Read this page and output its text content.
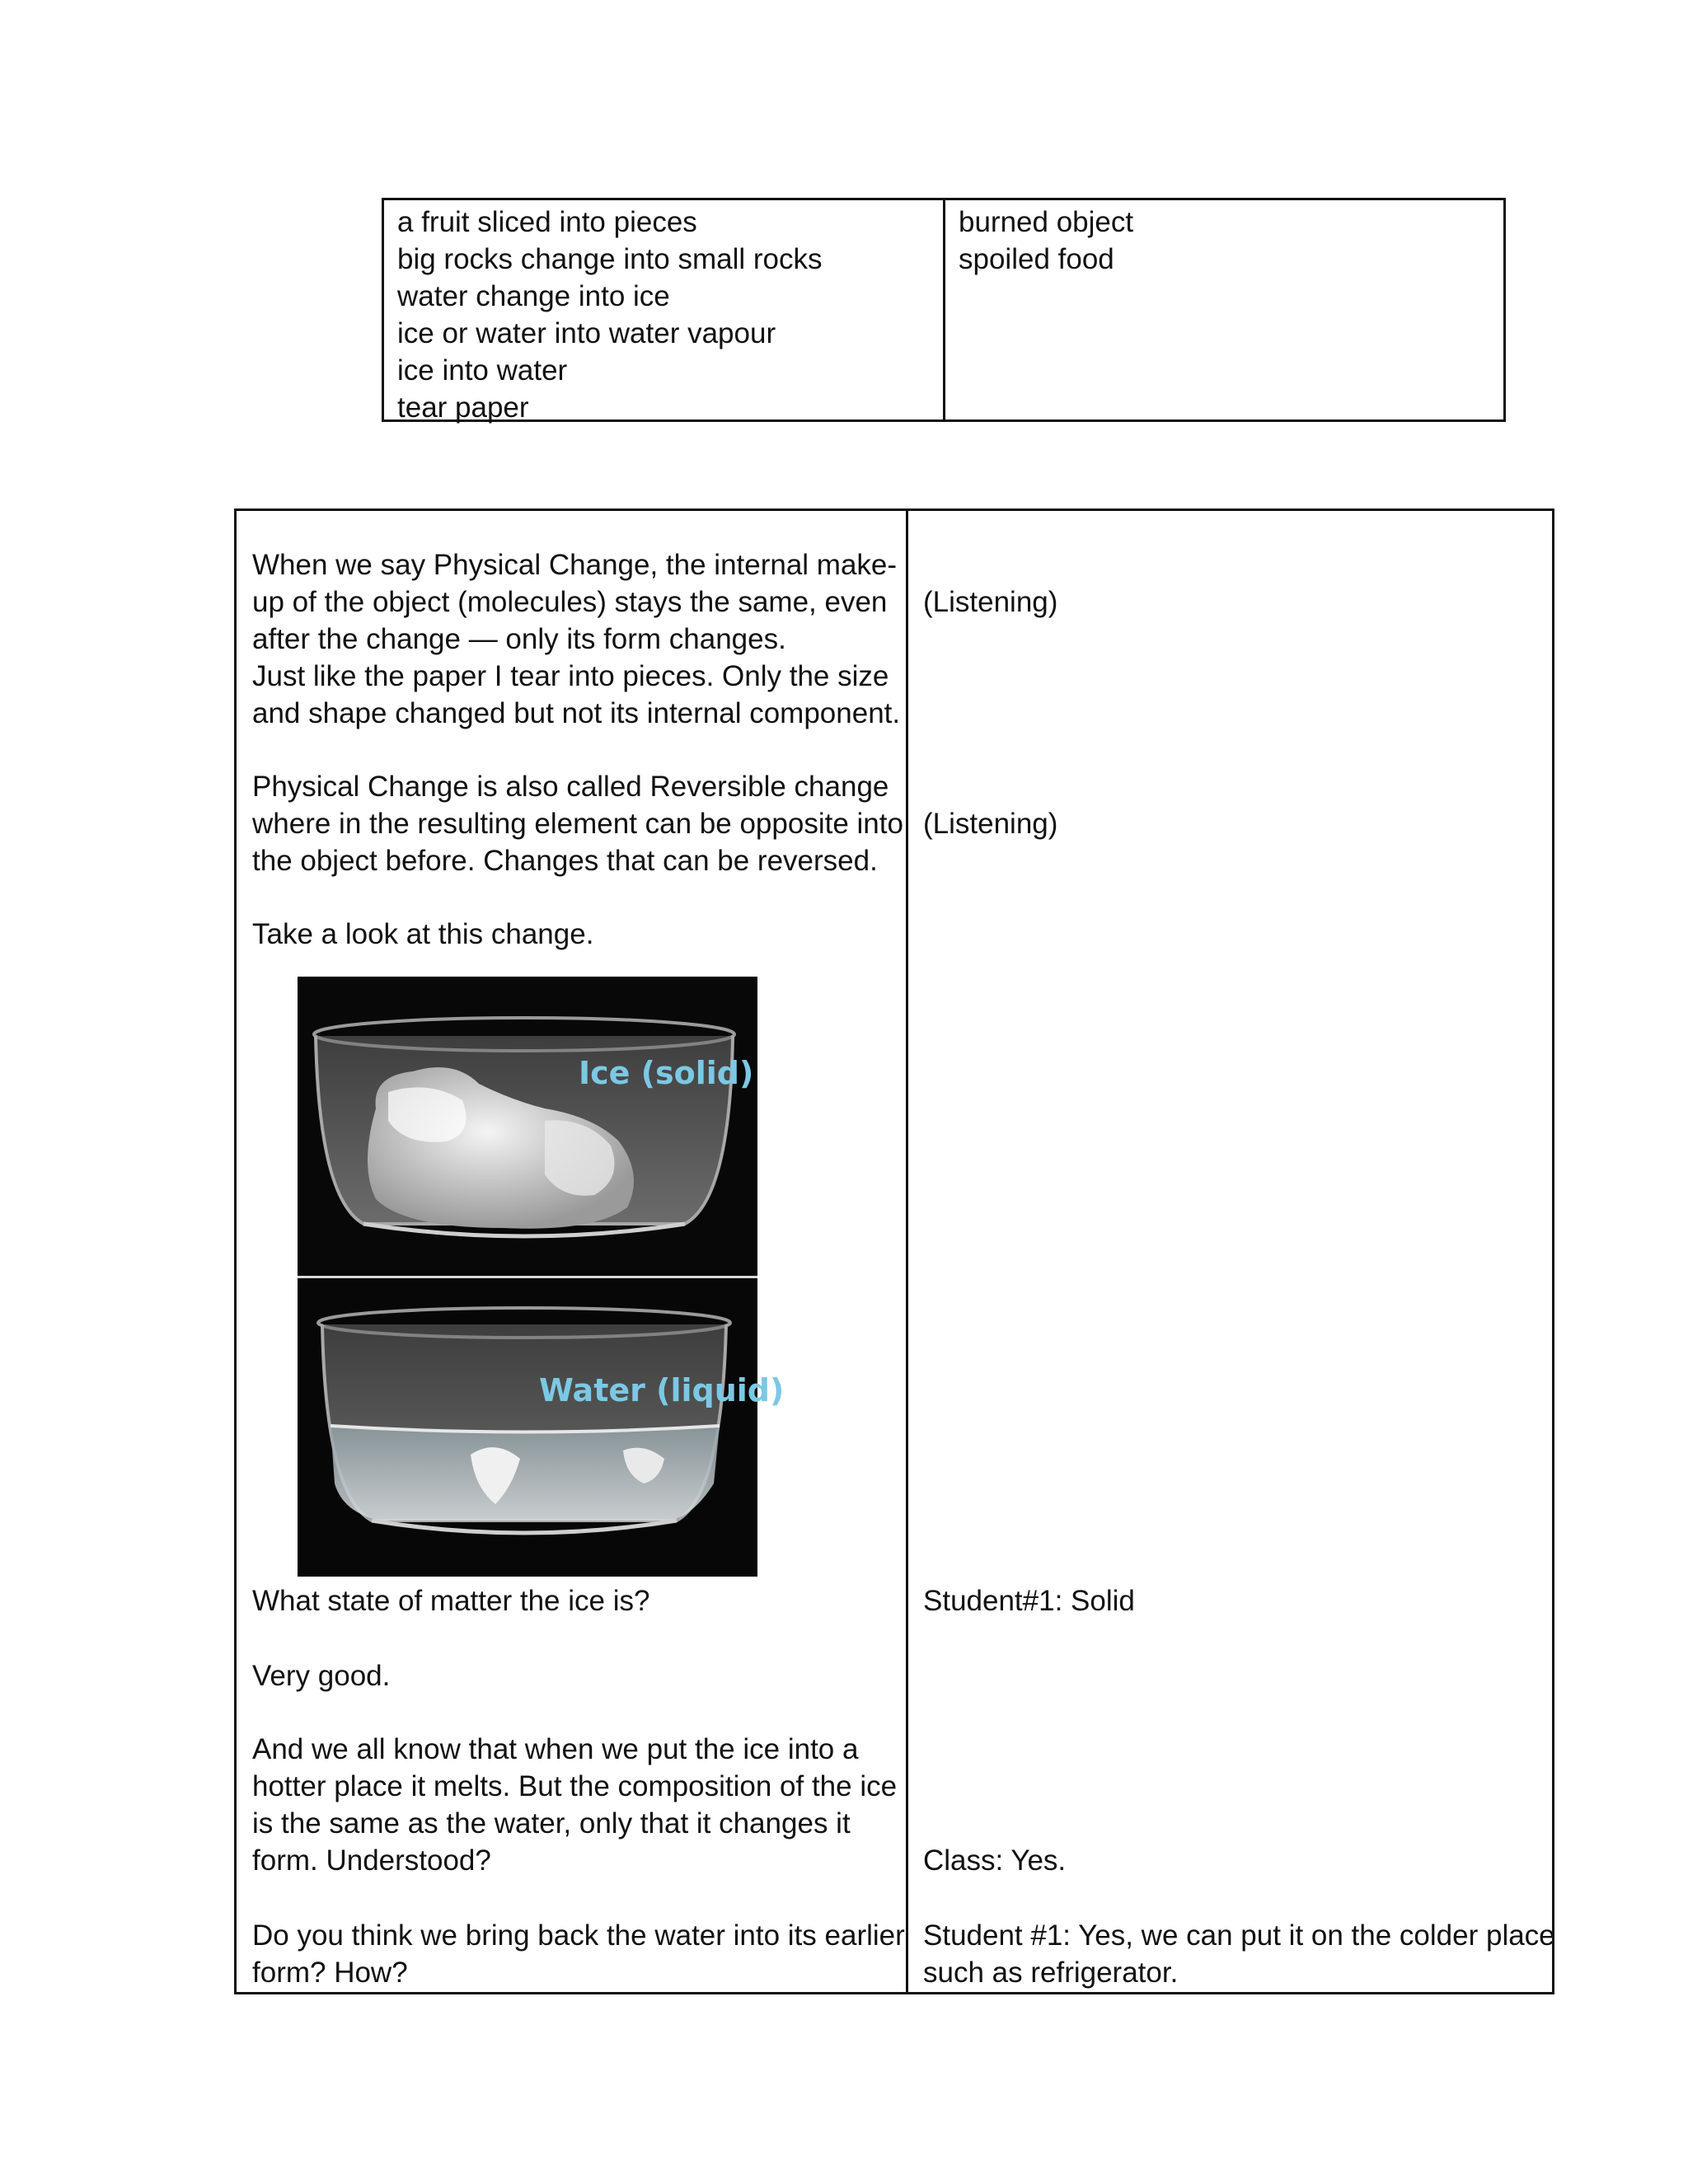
a fruit sliced into pieces
big rocks change into small rocks
water change into ice
ice or water into water vapour
ice into water
tear paper
burned object
spoiled food
When we say Physical Change, the internal make-
up of the object (molecules) stays the same, even
after the change — only its form changes.
Just like the paper I tear into pieces. Only the size
and shape changed but not its internal component.
Physical Change is also called Reversible change
where in the resulting element can be opposite into
the object before. Changes that can be reversed.
Take a look at this change.
Ice (solid)
Water (liquid)
What state of matter the ice is?
Very good.
And we all know that when we put the ice into a
hotter place it melts. But the composition of the ice
is the same as the water, only that it changes it
form. Understood?
Do you think we bring back the water into its earlier
form? How?
(Listening)
(Listening)
Student#1: Solid
Class: Yes.
Student #1: Yes, we can put it on the colder place
such as refrigerator.
